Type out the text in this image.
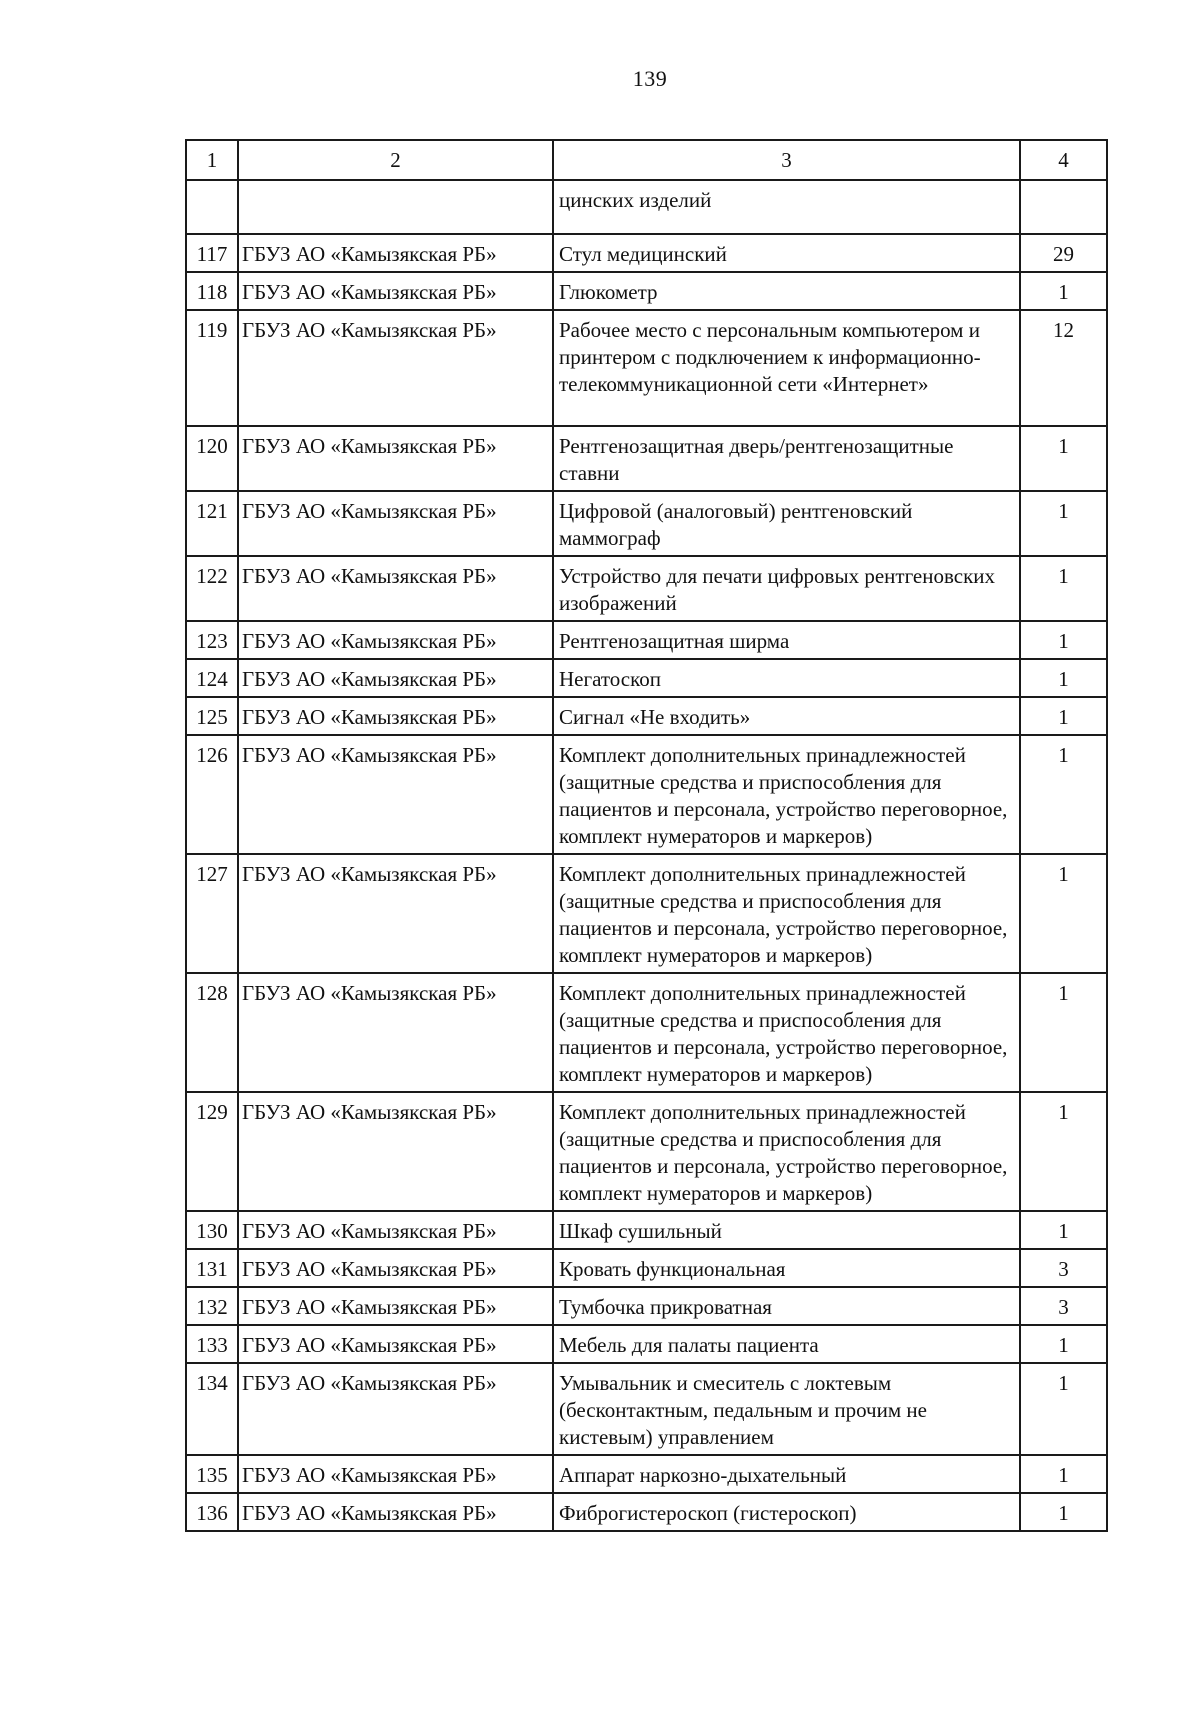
139
1	2	3	4
		цинских изделий	
117	ГБУЗ АО «Камызякская РБ»	Стул медицинский	29
118	ГБУЗ АО «Камызякская РБ»	Глюкометр	1
119	ГБУЗ АО «Камызякская РБ»	Рабочее место с персональным компьютером и принтером с подключением к информационно-телекоммуникационной сети «Интернет»	12
120	ГБУЗ АО «Камызякская РБ»	Рентгенозащитная дверь/рентгенозащитные ставни	1
121	ГБУЗ АО «Камызякская РБ»	Цифровой (аналоговый) рентгеновский маммограф	1
122	ГБУЗ АО «Камызякская РБ»	Устройство для печати цифровых рентгеновских изображений	1
123	ГБУЗ АО «Камызякская РБ»	Рентгенозащитная ширма	1
124	ГБУЗ АО «Камызякская РБ»	Негатоскоп	1
125	ГБУЗ АО «Камызякская РБ»	Сигнал «Не входить»	1
126	ГБУЗ АО «Камызякская РБ»	Комплект дополнительных принадлежностей (защитные средства и приспособления для пациентов и персонала, устройство переговорное, комплект нумераторов и маркеров)	1
127	ГБУЗ АО «Камызякская РБ»	Комплект дополнительных принадлежностей (защитные средства и приспособления для пациентов и персонала, устройство переговорное, комплект нумераторов и маркеров)	1
128	ГБУЗ АО «Камызякская РБ»	Комплект дополнительных принадлежностей (защитные средства и приспособления для пациентов и персонала, устройство переговорное, комплект нумераторов и маркеров)	1
129	ГБУЗ АО «Камызякская РБ»	Комплект дополнительных принадлежностей (защитные средства и приспособления для пациентов и персонала, устройство переговорное, комплект нумераторов и маркеров)	1
130	ГБУЗ АО «Камызякская РБ»	Шкаф сушильный	1
131	ГБУЗ АО «Камызякская РБ»	Кровать функциональная	3
132	ГБУЗ АО «Камызякская РБ»	Тумбочка прикроватная	3
133	ГБУЗ АО «Камызякская РБ»	Мебель для палаты пациента	1
134	ГБУЗ АО «Камызякская РБ»	Умывальник и смеситель с локтевым (бесконтактным, педальным и прочим не кистевым) управлением	1
135	ГБУЗ АО «Камызякская РБ»	Аппарат наркозно-дыхательный	1
136	ГБУЗ АО «Камызякская РБ»	Фиброгистероскоп (гистероскоп)	1
